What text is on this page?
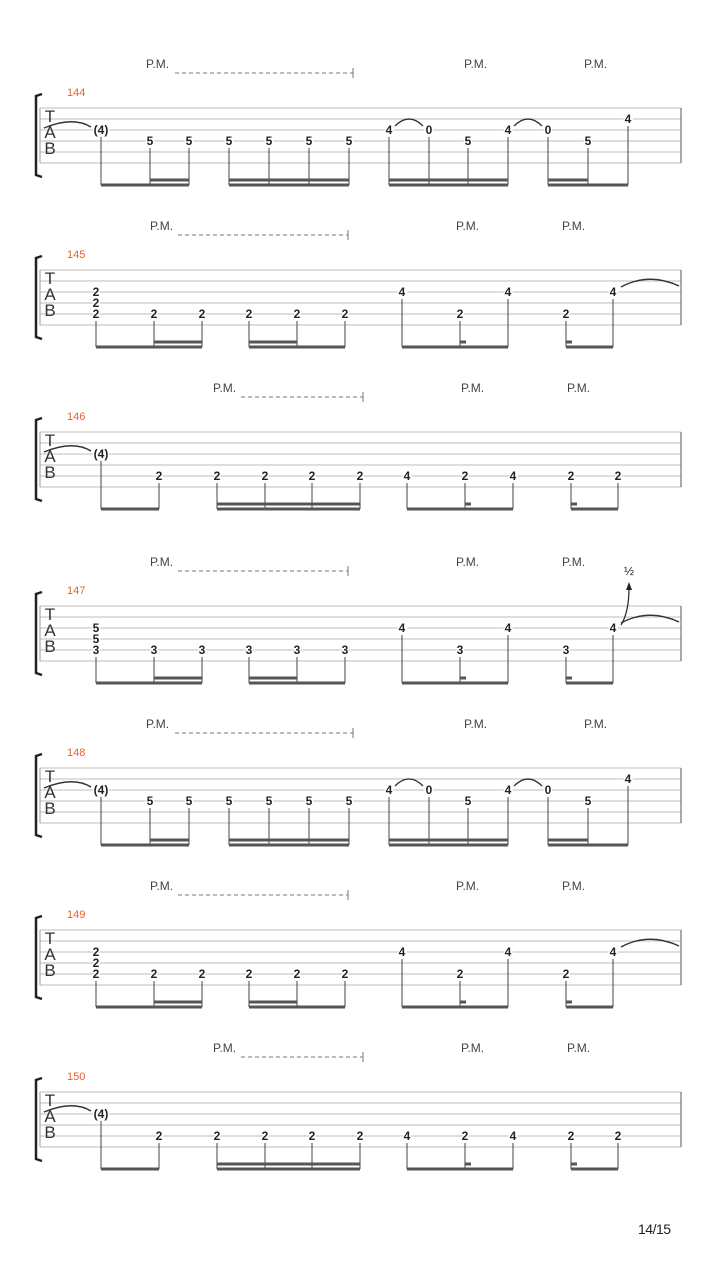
T
A
B
144
P.M.	P.M.	P.M.
(4)
5	5	5	5	5	5
4	0
5
4	0
5
4
T
A
B
145
P.M.	P.M.	P.M.
2
2
2	2	2	2	2	2
4
2
4
2
4
T
A
B
146
P.M.	P.M.	P.M.
(4)
2	2	2	2	2	4	2	4	2	2
T
A
B
147
P.M.	P.M.	P.M.
5
5
3	3	3	3	3	3
4
3
4
3
4
½
T
A
B
148
P.M.	P.M.	P.M.
(4)
5	5	5	5	5	5
4	0
5
4	0
5
4
T
A
B
149
P.M.	P.M.	P.M.
2
2
2	2	2	2	2	2
4
2
4
2
4
T
A
B
150
P.M.	P.M.	P.M.
(4)
2	2	2	2	2	4	2	4	2	2
14/15
